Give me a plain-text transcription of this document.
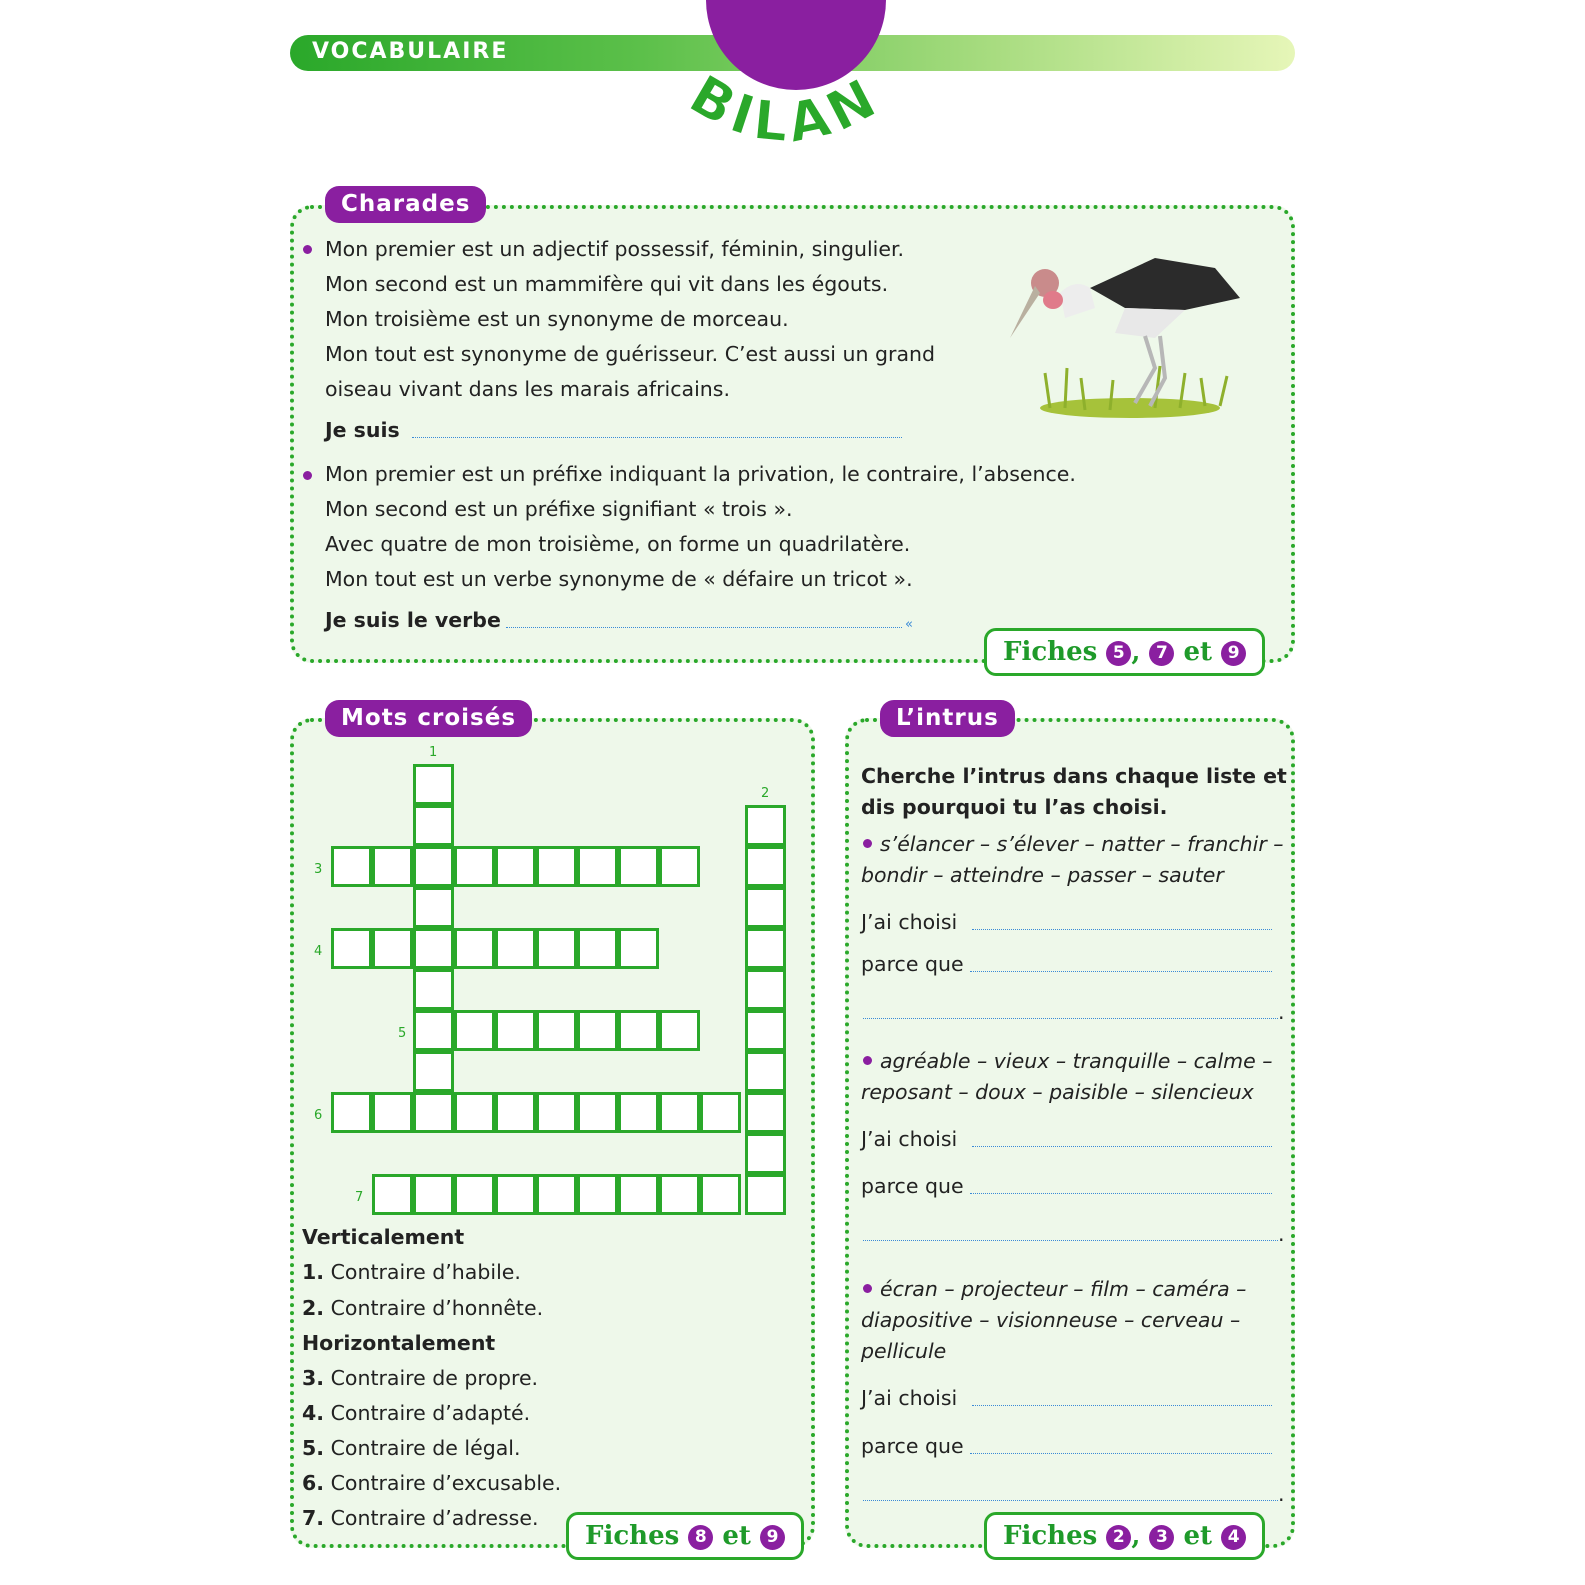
VOCABULAIRE
BILAN
Charades
Mon premier est un adjectif possessif, féminin, singulier.
Mon second est un mammifère qui vit dans les égouts.
Mon troisième est un synonyme de morceau.
Mon tout est synonyme de guérisseur. C’est aussi un grand
oiseau vivant dans les marais africains.
Je suis
Mon premier est un préfixe indiquant la privation, le contraire, l’absence.
Mon second est un préfixe signifiant « trois ».
Avec quatre de mon troisième, on forme un quadrilatère.
Mon tout est un verbe synonyme de « défaire un tricot ».
Je suis le verbe	«
Fiches 5 , 7 et 9
Mots croisés
1
2
3
4
5
6
7
Verticalement
1. Contraire d’habile.
2. Contraire d’honnête.
Horizontalement
3. Contraire de propre.
4. Contraire d’adapté.
5. Contraire de légal.
6. Contraire d’excusable.
7. Contraire d’adresse.
Fiches 8 et 9
L’intrus
Cherche l’intrus dans chaque liste et
dis pourquoi tu l’as choisi.
s’élancer – s’élever – natter – franchir –
bondir – atteindre – passer – sauter
J’ai choisi
parce que
.
agréable – vieux – tranquille – calme –
reposant – doux – paisible – silencieux
J’ai choisi
parce que
.
écran – projecteur – film – caméra –
diapositive – visionneuse – cerveau –
pellicule
J’ai choisi
parce que
.
Fiches 2 , 3 et 4
